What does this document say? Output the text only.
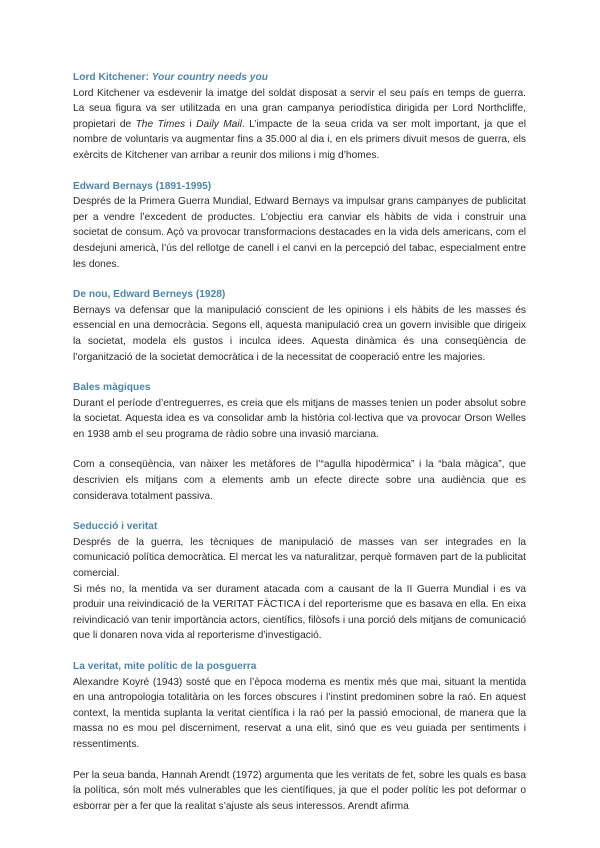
Lord Kitchener: Your country needs you

Lord Kitchener va esdevenir la imatge del soldat disposat a servir el seu país en temps de guerra. La seua figura va ser utilitzada en una gran campanya periodística dirigida per Lord Northcliffe, propietari de The Times i Daily Mail. L’impacte de la seua crida va ser molt important, ja que el nombre de voluntaris va augmentar fins a 35.000 al dia i, en els primers divuit mesos de guerra, els exèrcits de Kitchener van arribar a reunir dos milions i mig d’homes.

Edward Bernays (1891-1995)

Després de la Primera Guerra Mundial, Edward Bernays va impulsar grans campanyes de publicitat per a vendre l’excedent de productes. L’objectiu era canviar els hàbits de vida i construir una societat de consum. Açò va provocar transformacions destacades en la vida dels americans, com el desdejuni americà, l’ús del rellotge de canell i el canvi en la percepció del tabac, especialment entre les dones.

De nou, Edward Berneys (1928)

Bernays va defensar que la manipulació conscient de les opinions i els hàbits de les masses és essencial en una democràcia. Segons ell, aquesta manipulació crea un govern invisible que dirigeix la societat, modela els gustos i inculca idees. Aquesta dinàmica és una conseqüència de l’organització de la societat democràtica i de la necessitat de cooperació entre les majories.

Bales màgiques

Durant el període d’entreguerres, es creia que els mitjans de masses tenien un poder absolut sobre la societat. Aquesta idea es va consolidar amb la història col·lectiva que va provocar Orson Welles en 1938 amb el seu programa de ràdio sobre una invasió marciana.

Com a conseqüència, van nàixer les metàfores de l’“agulla hipodèrmica” i la “bala màgica”, que descrivien els mitjans com a elements amb un efecte directe sobre una audiència que es considerava totalment passiva.

Seducció i veritat

Després de la guerra, les tècniques de manipulació de masses van ser integrades en la comunicació política democràtica. El mercat les va naturalitzar, perquè formaven part de la publicitat comercial.

Si més no, la mentida va ser durament atacada com a causant de la II Guerra Mundial i es va produir una reivindicació de la VERITAT FÀCTICA i del reporterisme que es basava en ella. En eixa reivindicació van tenir importància actors, científics, filòsofs i una porció dels mitjans de comunicació que li donaren nova vida al reporterisme d’investigació.

La veritat, mite polític de la posguerra

Alexandre Koyré (1943) sosté que en l’època moderna es mentix més que mai, situant la mentida en una antropologia totalitària on les forces obscures i l’instint predominen sobre la raó. En aquest context, la mentida suplanta la veritat científica i la raó per la passió emocional, de manera que la massa no es mou pel discerniment, reservat a una elit, sinó que es veu guiada per sentiments i ressentiments.

Per la seua banda, Hannah Arendt (1972) argumenta que les veritats de fet, sobre les quals es basa la política, són molt més vulnerables que les científiques, ja que el poder polític les pot deformar o esborrar per a fer que la realitat s’ajuste als seus interessos. Arendt afirma
